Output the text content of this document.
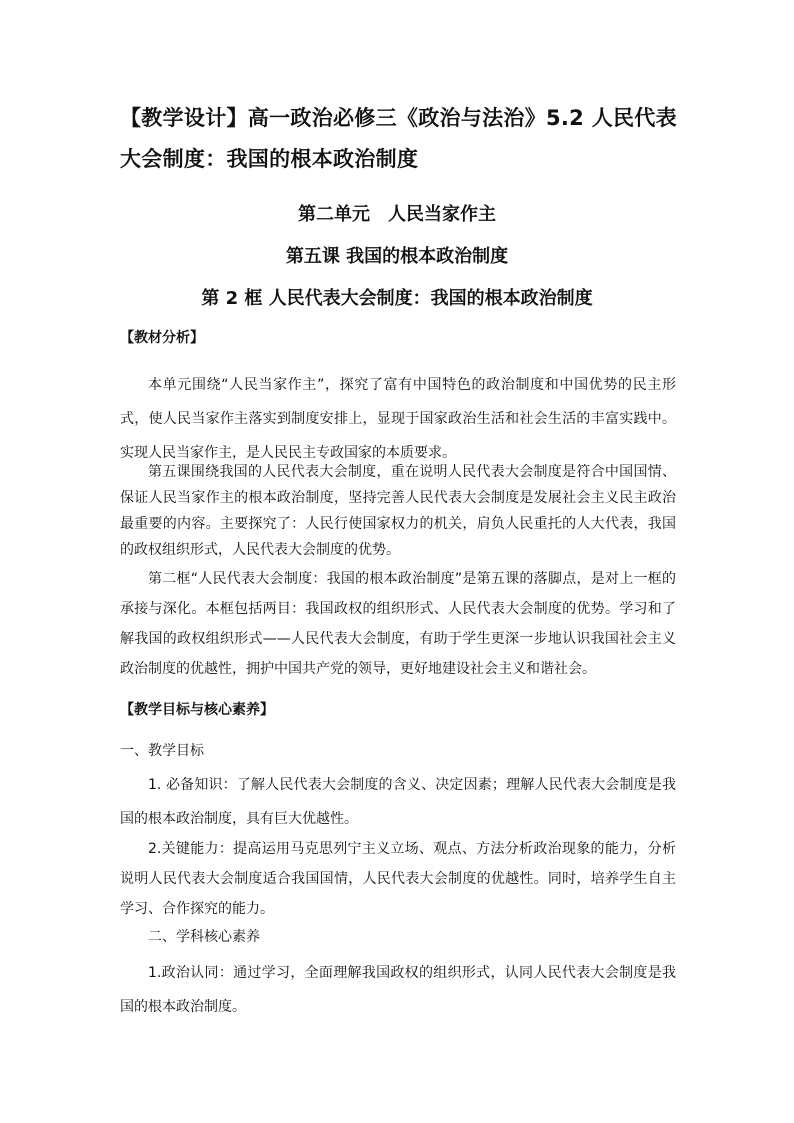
【教学设计】高一政治必修三《政治与法治》5.2 人民代表大会制度：我国的根本政治制度
第二单元　人民当家作主
第五课 我国的根本政治制度
第 2 框 人民代表大会制度：我国的根本政治制度
【教材分析】

本单元围绕“人民当家作主”，探究了富有中国特色的政治制度和中国优势的民主形式，使人民当家作主落实到制度安排上，显现于国家政治生活和社会生活的丰富实践中。实现人民当家作主，是人民民主专政国家的本质要求。

第五课围绕我国的人民代表大会制度，重在说明人民代表大会制度是符合中国国情、保证人民当家作主的根本政治制度，坚持完善人民代表大会制度是发展社会主义民主政治最重要的内容。主要探究了：人民行使国家权力的机关，肩负人民重托的人大代表，我国的政权组织形式，人民代表大会制度的优势。

第二框“人民代表大会制度：我国的根本政治制度”是第五课的落脚点，是对上一框的承接与深化。本框包括两目：我国政权的组织形式、人民代表大会制度的优势。学习和了解我国的政权组织形式——人民代表大会制度，有助于学生更深一步地认识我国社会主义政治制度的优越性，拥护中国共产党的领导，更好地建设社会主义和谐社会。

【教学目标与核心素养】
一、教学目标

1. 必备知识：了解人民代表大会制度的含义、决定因素；理解人民代表大会制度是我国的根本政治制度，具有巨大优越性。

2.关键能力：提高运用马克思列宁主义立场、观点、方法分析政治现象的能力，分析说明人民代表大会制度适合我国国情，人民代表大会制度的优越性。同时，培养学生自主学习、合作探究的能力。

二、学科核心素养

1.政治认同：通过学习，全面理解我国政权的组织形式，认同人民代表大会制度是我国的根本政治制度。
